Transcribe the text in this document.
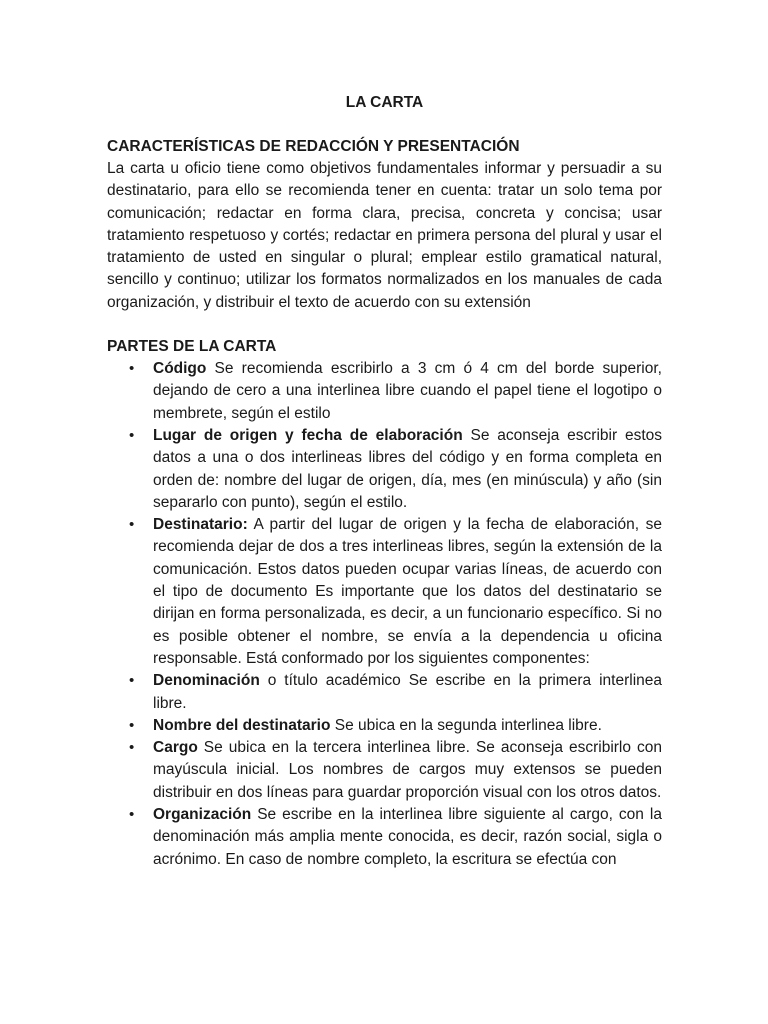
LA CARTA
CARACTERÍSTICAS DE REDACCIÓN Y PRESENTACIÓN

La carta u oficio tiene como objetivos fundamentales informar y persuadir a su destinatario, para ello se recomienda tener en cuenta: tratar un solo tema por comunicación; redactar en forma clara, precisa, concreta y concisa; usar tratamiento respetuoso y cortés; redactar en primera persona del plural y usar el tratamiento de usted en singular o plural; emplear estilo gramatical natural, sencillo y continuo; utilizar los formatos normalizados en los manuales de cada organización, y distribuir el texto de acuerdo con su extensión

PARTES DE LA CARTA
• Código Se recomienda escribirlo a 3 cm ó 4 cm del borde superior, dejando de cero a una interlinea libre cuando el papel tiene el logotipo o membrete, según el estilo
• Lugar de origen y fecha de elaboración Se aconseja escribir estos datos a una o dos interlineas libres del código y en forma completa en orden de: nombre del lugar de origen, día, mes (en minúscula) y año (sin separarlo con punto), según el estilo.
• Destinatario: A partir del lugar de origen y la fecha de elaboración, se recomienda dejar de dos a tres interlineas libres, según la extensión de la comunicación. Estos datos pueden ocupar varias líneas, de acuerdo con el tipo de documento Es importante que los datos del destinatario se dirijan en forma personalizada, es decir, a un funcionario específico. Si no es posible obtener el nombre, se envía a la dependencia u oficina responsable. Está conformado por los siguientes componentes:
• Denominación o título académico Se escribe en la primera interlinea libre.
• Nombre del destinatario Se ubica en la segunda interlinea libre.
• Cargo Se ubica en la tercera interlinea libre. Se aconseja escribirlo con mayúscula inicial. Los nombres de cargos muy extensos se pueden distribuir en dos líneas para guardar proporción visual con los otros datos.
• Organización Se escribe en la interlinea libre siguiente al cargo, con la denominación más amplia mente conocida, es decir, razón social, sigla o acrónimo. En caso de nombre completo, la escritura se efectúa con
